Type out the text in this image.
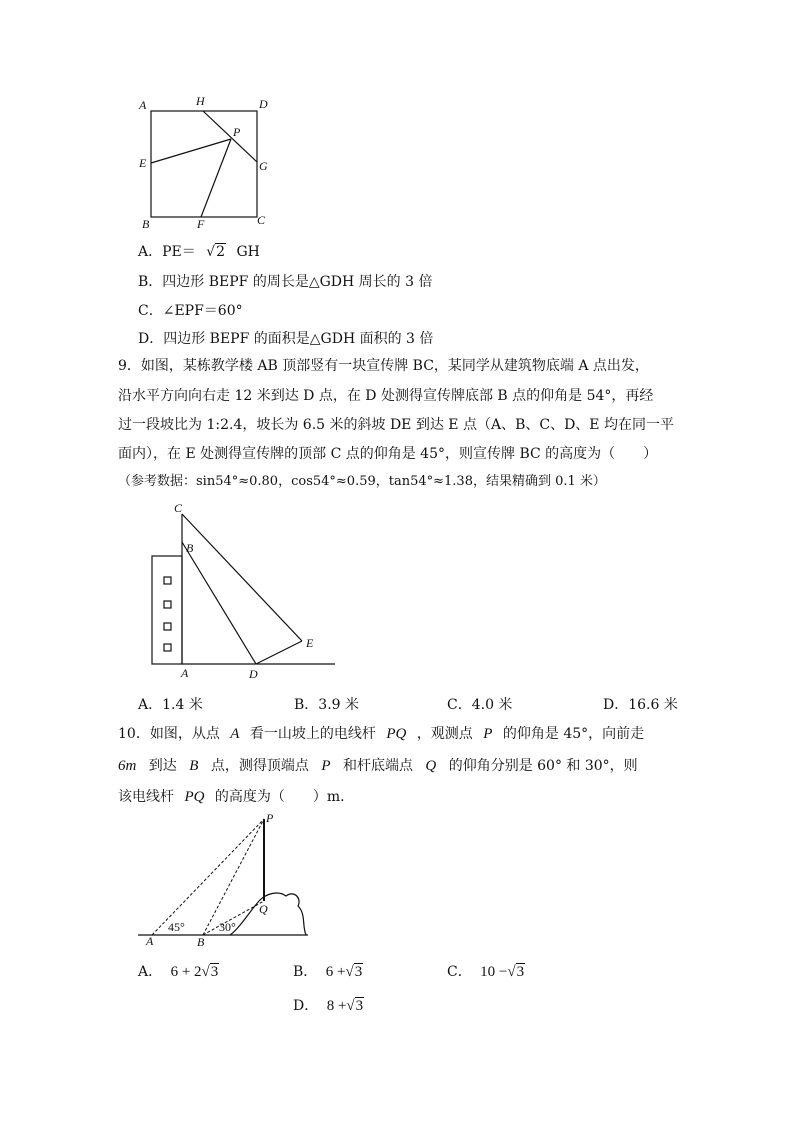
A	H	D
P
E	G
B	F	C
A．PE＝ √2 GH
B．四边形 BEPF 的周长是△GDH 周长的 3 倍
C．∠EPF＝60°
D．四边形 BEPF 的面积是△GDH 面积的 3 倍
9．如图，某栋教学楼 AB 顶部竖有一块宣传牌 BC，某同学从建筑物底端 A 点出发，
沿水平方向向右走 12 米到达 D 点，在 D 处测得宣传牌底部 B 点的仰角是 54°，再经
过一段坡比为 1:2.4，坡长为 6.5 米的斜坡 DE 到达 E 点（A、B、C、D、E 均在同一平
面内），在 E 处测得宣传牌的顶部 C 点的仰角是 45°，则宣传牌 BC 的高度为（　　）
（参考数据：sin54°≈0.80，cos54°≈0.59，tan54°≈1.38，结果精确到 0.1 米）
C
B
A	D
E
A．1.4 米	B．3.9 米	C．4.0 米	D．16.6 米
10．如图，从点 A 看一山坡上的电线杆 PQ ，观测点 P 的仰角是 45°，向前走
6m 到达 B 点，测得顶端点 P 和杆底端点 Q 的仰角分别是 60° 和 30°，则
该电线杆 PQ 的高度为（　　）m．
P
Q
A	B
45°	30°
A． 6 + 2√3	B． 6 +√3	C． 10 −√3
D． 8 +√3
